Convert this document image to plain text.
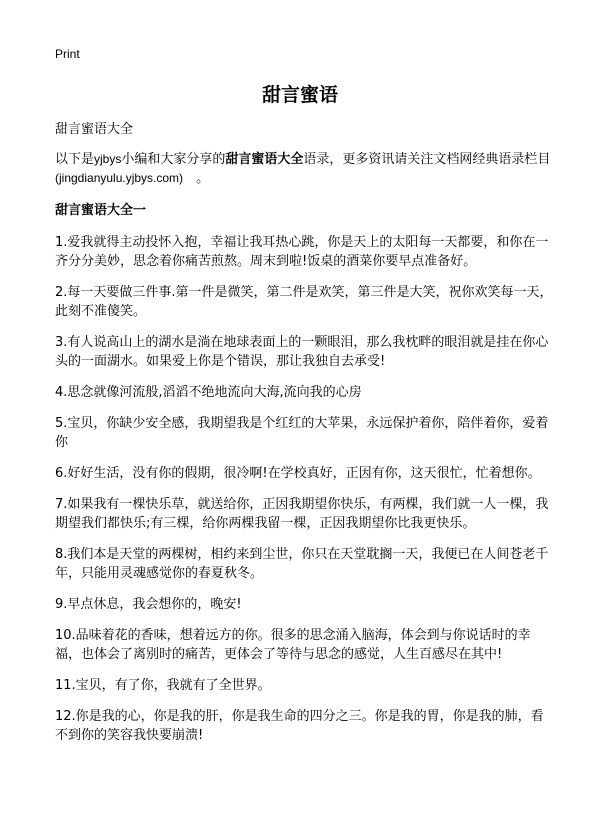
Print
甜言蜜语

甜言蜜语大全

以下是yjbys小编和大家分享的甜言蜜语大全语录，更多资讯请关注文档网经典语录栏目(jingdianyulu.yjbys.com)　。

甜言蜜语大全一

1.爱我就得主动投怀入抱，幸福让我耳热心跳，你是天上的太阳每一天都要，和你在一齐分分美妙，思念着你痛苦煎熬。周末到啦!饭桌的酒菜你要早点准备好。

2.每一天要做三件事.第一件是微笑，第二件是欢笑，第三件是大笑，祝你欢笑每一天，此刻不准傻笑。

3.有人说高山上的湖水是淌在地球表面上的一颗眼泪，那么我枕畔的眼泪就是挂在你心头的一面湖水。如果爱上你是个错误，那让我独自去承受!

4.思念就像河流般,滔滔不绝地流向大海,流向我的心房

5.宝贝，你缺少安全感，我期望我是个红红的大苹果，永远保护着你，陪伴着你，爱着你

6.好好生活，没有你的假期，很冷啊!在学校真好，正因有你，这天很忙，忙着想你。

7.如果我有一棵快乐草，就送给你，正因我期望你快乐，有两棵，我们就一人一棵，我期望我们都快乐;有三棵，给你两棵我留一棵，正因我期望你比我更快乐。

8.我们本是天堂的两棵树，相约来到尘世，你只在天堂耽搁一天，我便已在人间苍老千年，只能用灵魂感觉你的春夏秋冬。

9.早点休息，我会想你的，晚安!

10.品味着花的香味，想着远方的你。很多的思念涌入脑海，体会到与你说话时的幸福，也体会了离别时的痛苦，更体会了等待与思念的感觉，人生百感尽在其中!

11.宝贝，有了你，我就有了全世界。

12.你是我的心，你是我的肝，你是我生命的四分之三。你是我的胃，你是我的肺，看不到你的笑容我快要崩溃!
